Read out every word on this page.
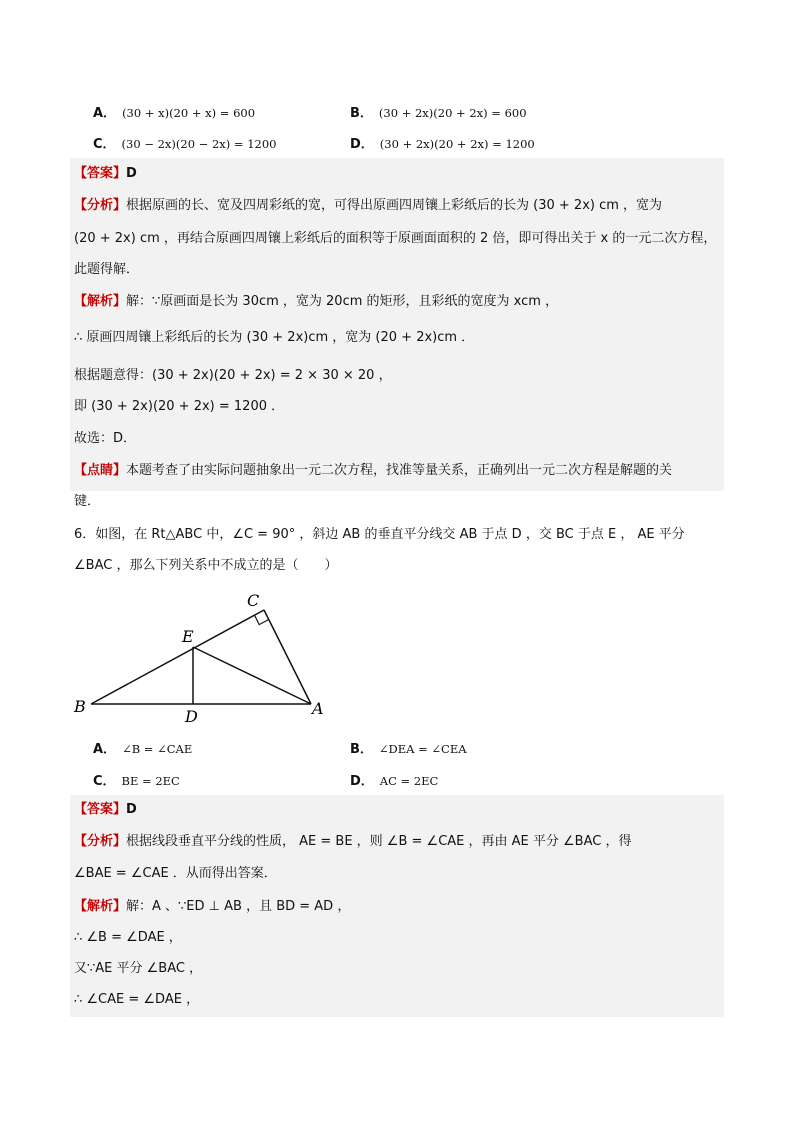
A． (30 + x)(20 + x) = 600	B． (30 + 2x)(20 + 2x) = 600
C． (30 − 2x)(20 − 2x) = 1200	D． (30 + 2x)(20 + 2x) = 1200
【答案】D
【分析】根据原画的长、宽及四周彩纸的宽，可得出原画四周镶上彩纸后的长为 (30 + 2x) cm ，宽为
(20 + 2x) cm ，再结合原画四周镶上彩纸后的面积等于原画面面积的 2 倍，即可得出关于 x 的一元二次方程，
此题得解．
【解析】解：∵原画面是长为 30cm ，宽为 20cm 的矩形，且彩纸的宽度为 xcm ，
∴ 原画四周镶上彩纸后的长为 (30 + 2x)cm ，宽为 (20 + 2x)cm ．
根据题意得：(30 + 2x)(20 + 2x) = 2 × 30 × 20 ，
即 (30 + 2x)(20 + 2x) = 1200 ．
故选：D．
【点睛】本题考查了由实际问题抽象出一元二次方程，找准等量关系，正确列出一元二次方程是解题的关
键．
6．如图，在 Rt△ABC 中，∠C = 90° ，斜边 AB 的垂直平分线交 AB 于点 D ，交 BC 于点 E ， AE 平分
∠BAC ，那么下列关系中不成立的是（　　）
C
E
B
D	A
A． ∠B = ∠CAE	B． ∠DEA = ∠CEA
C． BE = 2EC	D． AC = 2EC
【答案】D
【分析】根据线段垂直平分线的性质， AE = BE ，则 ∠B = ∠CAE ，再由 AE 平分 ∠BAC ，得
∠BAE = ∠CAE ．从而得出答案．
【解析】解：A 、∵ED ⊥ AB ，且 BD = AD ，
∴ ∠B = ∠DAE ，
又∵AE 平分 ∠BAC ，
∴ ∠CAE = ∠DAE ，
